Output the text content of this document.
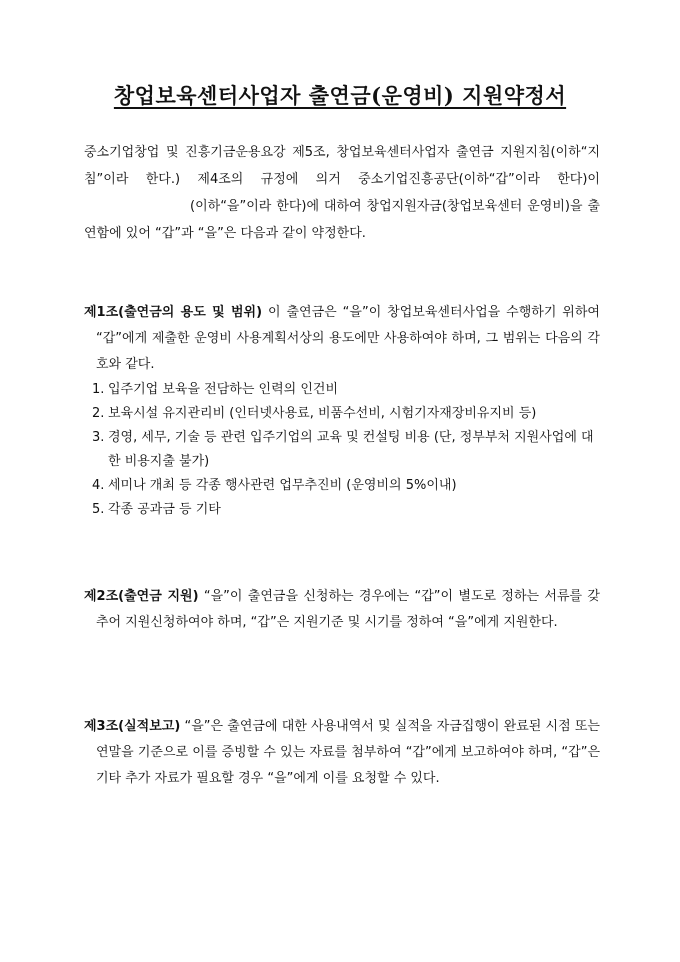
창업보육센터사업자 출연금(운영비) 지원약정서

중소기업창업 및 진흥기금운용요강 제5조, 창업보육센터사업자 출연금 지원지침(이하“지침”이라 한다.) 제4조의 규정에 의거 중소기업진흥공단(이하“갑”이라 한다)이(이하“을”이라 한다)에 대하여 창업지원자금(창업보육센터 운영비)을 출연함에 있어 “갑”과 “을”은 다음과 같이 약정한다.

제1조(출연금의 용도 및 범위) 이 출연금은 “을”이 창업보육센터사업을 수행하기 위하여 “갑”에게 제출한 운영비 사용계획서상의 용도에만 사용하여야 하며, 그 범위는 다음의 각 호와 같다.

1. 입주기업 보육을 전담하는 인력의 인건비
2. 보육시설 유지관리비 (인터넷사용료, 비품수선비, 시험기자재장비유지비 등)
3. 경영, 세무, 기술 등 관련 입주기업의 교육 및 컨설팅 비용 (단, 정부부처 지원사업에 대한 비용지출 불가)
4. 세미나 개최 등 각종 행사관련 업무추진비 (운영비의 5%이내)
5. 각종 공과금 등 기타

제2조(출연금 지원) “을”이 출연금을 신청하는 경우에는 “갑”이 별도로 정하는 서류를 갖추어 지원신청하여야 하며, “갑”은 지원기준 및 시기를 정하여 “을”에게 지원한다.

제3조(실적보고) “을”은 출연금에 대한 사용내역서 및 실적을 자금집행이 완료된 시점 또는 연말을 기준으로 이를 증빙할 수 있는 자료를 첨부하여 “갑”에게 보고하여야 하며, “갑”은 기타 추가 자료가 필요할 경우 “을”에게 이를 요청할 수 있다.
